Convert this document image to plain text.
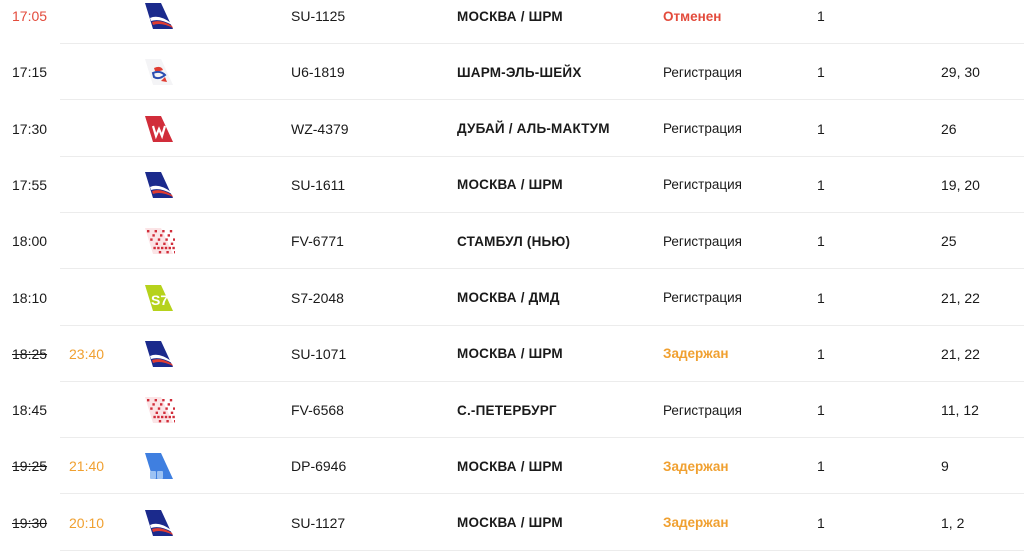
17:05	SU-1125	МОСКВА / ШРМ	Отменен	1
17:15	U6-1819	ШАРМ-ЭЛЬ-ШЕЙХ	Регистрация	1	29, 30
17:30	WZ-4379	ДУБАЙ / АЛЬ-МАКТУМ	Регистрация	1	26
17:55	SU-1611	МОСКВА / ШРМ	Регистрация	1	19, 20
18:00	FV-6771	СТАМБУЛ (НЬЮ)	Регистрация	1	25
18:10	S7	S7-2048	МОСКВА / ДМД	Регистрация	1	21, 22
18:25	23:40	SU-1071	МОСКВА / ШРМ	Задержан	1	21, 22
18:45	FV-6568	С.-ПЕТЕРБУРГ	Регистрация	1	11, 12
19:25	21:40	DP-6946	МОСКВА / ШРМ	Задержан	1	9
19:30	20:10	SU-1127	МОСКВА / ШРМ	Задержан	1	1, 2
